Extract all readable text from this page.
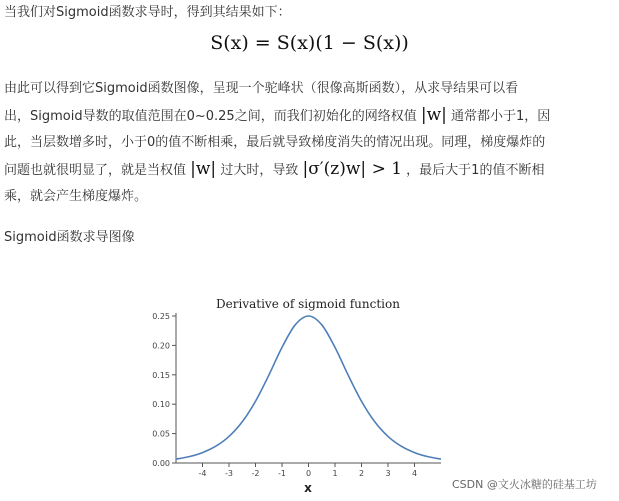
当我们对Sigmoid函数求导时，得到其结果如下：
S(x) = S(x)(1 − S(x))
由此可以得到它Sigmoid函数图像，呈现一个驼峰状（很像高斯函数），从求导结果可以看
出，Sigmoid导数的取值范围在0~0.25之间，而我们初始化的网络权值 |w| 通常都小于1，因
此，当层数增多时，小于0的值不断相乘，最后就导致梯度消失的情况出现。同理，梯度爆炸的
问题也就很明显了，就是当权值 |w| 过大时，导致 |σ′(z)w| > 1 ，最后大于1的值不断相
乘，就会产生梯度爆炸。
Sigmoid函数求导图像
Derivative of sigmoid function
0.00
0.05
0.10
0.15
0.20
0.25
-4 -3 -2 -1 0	1	2	3	4
x	CSDN @文火冰糖的硅基工坊
